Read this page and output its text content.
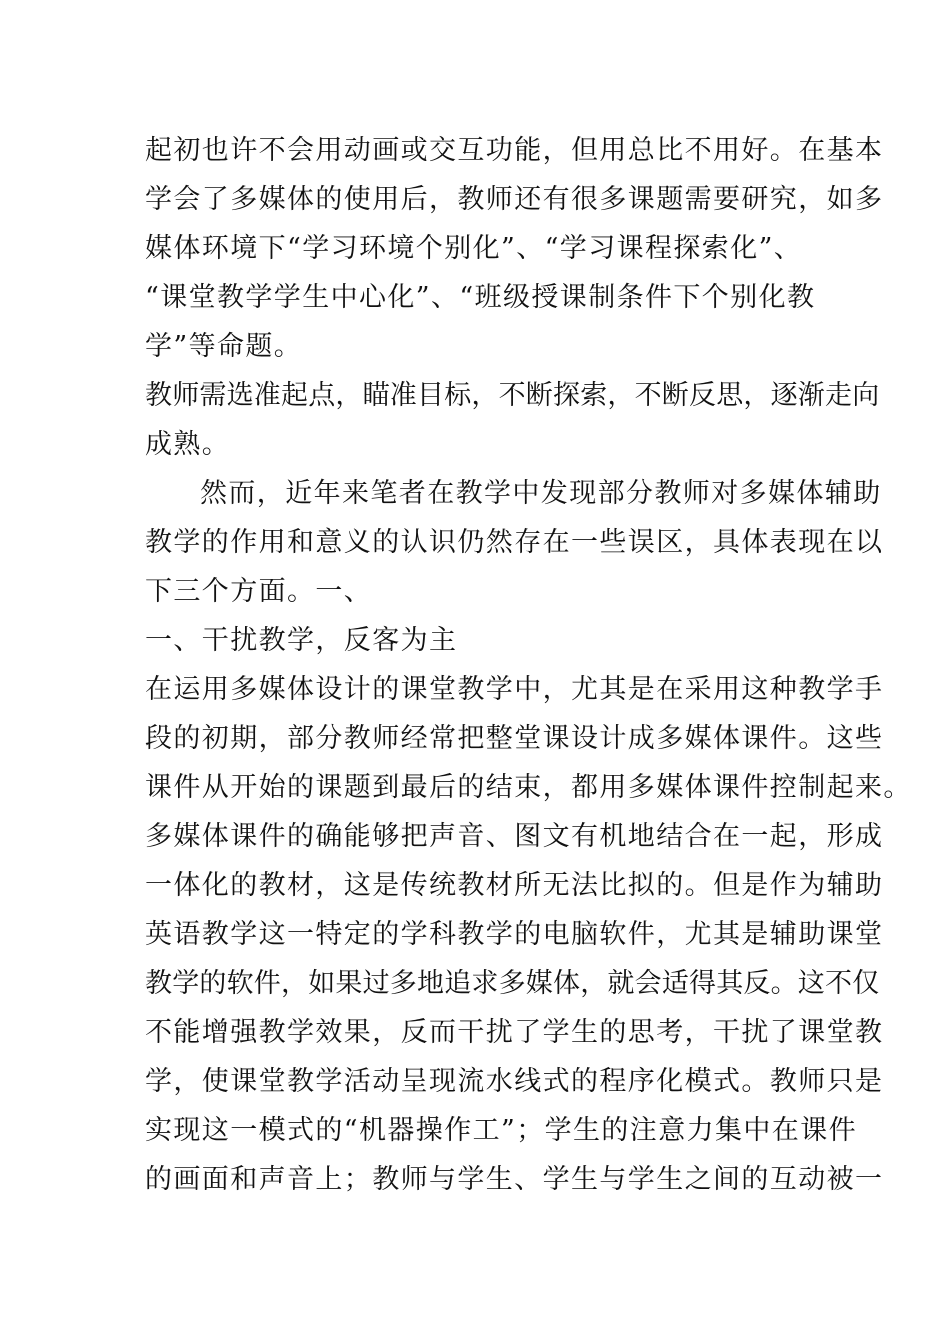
起初也许不会用动画或交互功能，但用总比不用好。在基本
学会了多媒体的使用后，教师还有很多课题需要研究，如多
媒体环境下“学习环境个别化”、“学习课程探索化”、
“课堂教学学生中心化”、“班级授课制条件下个别化教
学”等命题。
教师需选准起点，瞄准目标，不断探索，不断反思，逐渐走向
成熟。
然而，近年来笔者在教学中发现部分教师对多媒体辅助
教学的作用和意义的认识仍然存在一些误区，具体表现在以
下三个方面。一、
一、干扰教学，反客为主
在运用多媒体设计的课堂教学中，尤其是在采用这种教学手
段的初期，部分教师经常把整堂课设计成多媒体课件。这些
课件从开始的课题到最后的结束，都用多媒体课件控制起来。
多媒体课件的确能够把声音、图文有机地结合在一起，形成
一体化的教材，这是传统教材所无法比拟的。但是作为辅助
英语教学这一特定的学科教学的电脑软件，尤其是辅助课堂
教学的软件，如果过多地追求多媒体，就会适得其反。这不仅
不能增强教学效果，反而干扰了学生的思考，干扰了课堂教
学，使课堂教学活动呈现流水线式的程序化模式。教师只是
实现这一模式的“机器操作工”；学生的注意力集中在课件
的画面和声音上；教师与学生、学生与学生之间的互动被一
